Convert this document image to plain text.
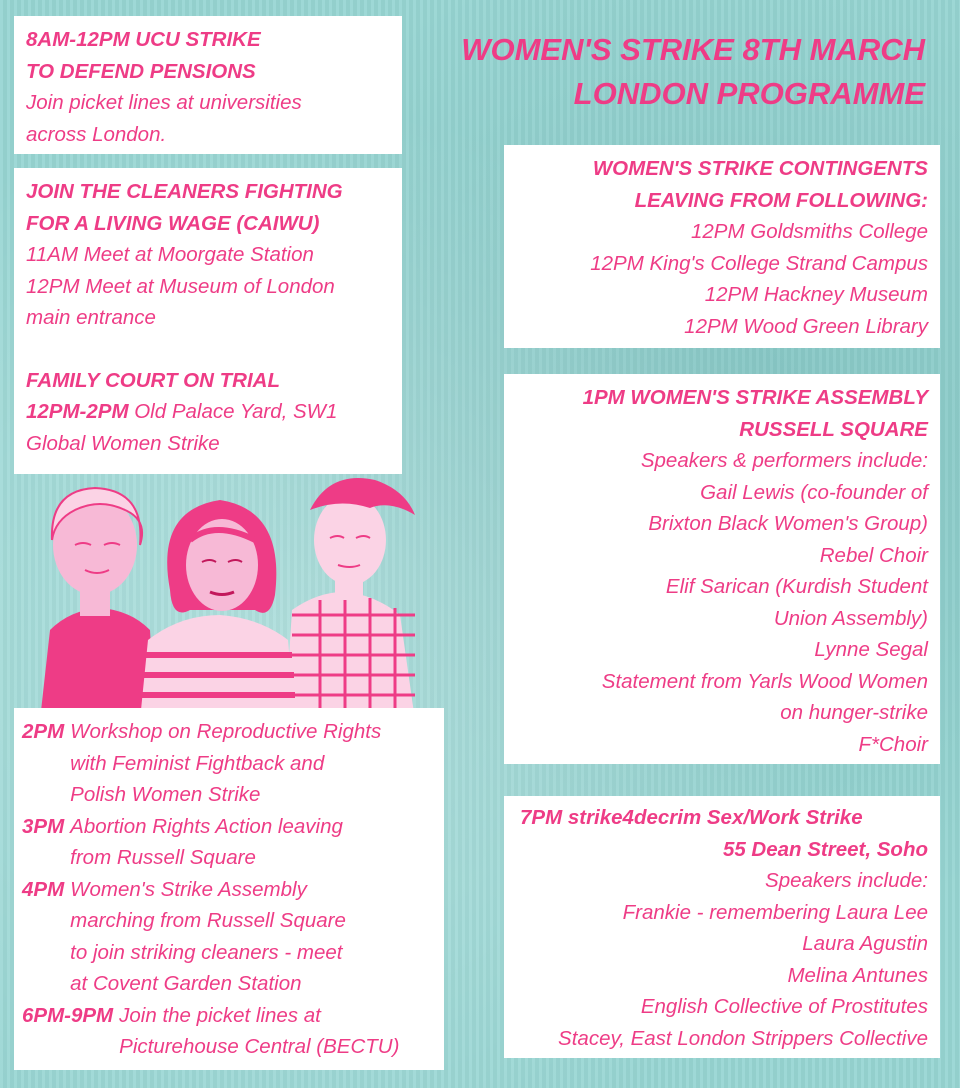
WOMEN'S STRIKE 8TH MARCH
LONDON PROGRAMME
8AM-12PM UCU STRIKE
TO DEFEND PENSIONS
Join picket lines at universities
across London.
JOIN THE CLEANERS FIGHTING
FOR A LIVING WAGE (CAIWU)
11AM Meet at Moorgate Station
12PM Meet at Museum of London
main entrance
FAMILY COURT ON TRIAL
12PM-2PM Old Palace Yard, SW1
Global Women Strike
WOMEN'S STRIKE CONTINGENTS
LEAVING FROM FOLLOWING:
12PM Goldsmiths College
12PM King's College Strand Campus
12PM Hackney Museum
12PM Wood Green Library
1PM WOMEN'S STRIKE ASSEMBLY
RUSSELL SQUARE
Speakers & performers include:
Gail Lewis (co-founder of
Brixton Black Women's Group)
Rebel Choir
Elif Sarican (Kurdish Student
Union Assembly)
Lynne Segal
Statement from Yarls Wood Women
on hunger-strike
F*Choir
7PM strike4decrim Sex/Work Strike
55 Dean Street, Soho
Speakers include:
Frankie - remembering Laura Lee
Laura Agustin
Melina Antunes
English Collective of Prostitutes
Stacey, East London Strippers Collective
2PM Workshop on Reproductive Rights
with Feminist Fightback and
Polish Women Strike
3PM Abortion Rights Action leaving
from Russell Square
4PM Women's Strike Assembly
marching from Russell Square
to join striking cleaners - meet
at Covent Garden Station
6PM-9PM Join the picket lines at
Picturehouse Central (BECTU)
